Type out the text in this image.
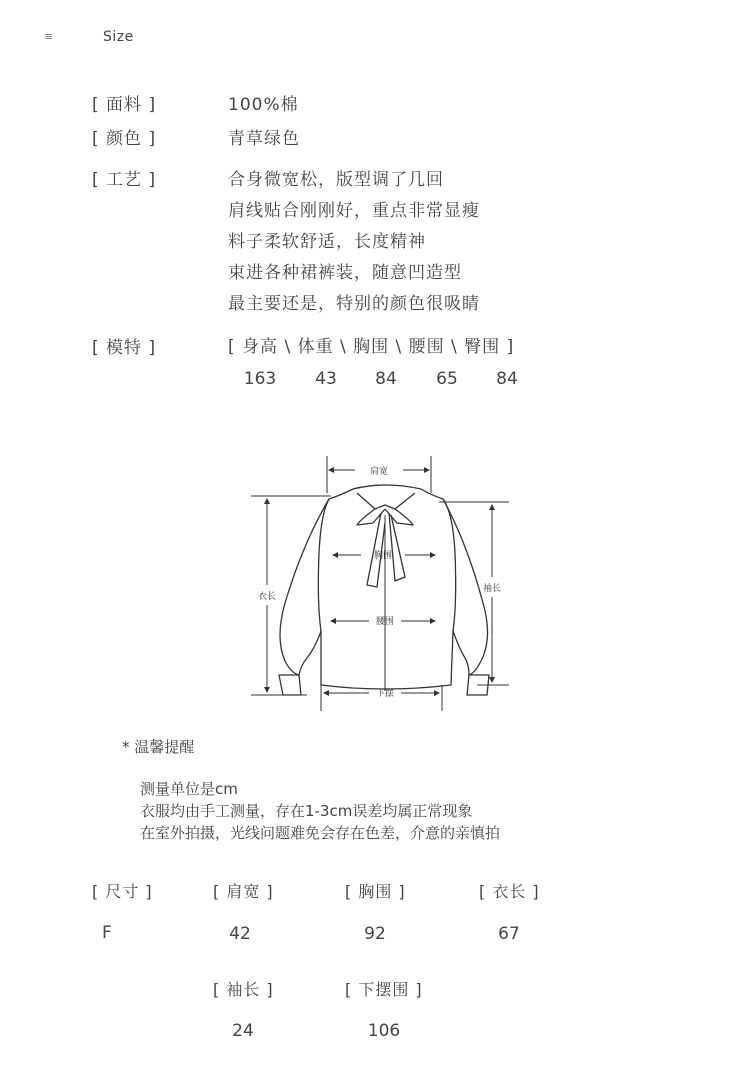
≡	Size
[ 面料 ]	100%棉
[ 颜色 ]	青草绿色
[ 工艺 ]	合身微宽松，版型调了几回
肩线贴合刚刚好，重点非常显瘦
料子柔软舒适，长度精神
束进各种裙裤装，随意凹造型
最主要还是，特别的颜色很吸睛
[ 模特 ]	[ 身高 \ 体重 \ 胸围 \ 腰围 \ 臀围 ]
163	43	84	65	84
肩宽
胸围
腰围
衣长
袖长
下摆
* 温馨提醒
测量单位是cm
衣服均由手工测量，存在1-3cm误差均属正常现象
在室外拍摄，光线问题难免会存在色差，介意的亲慎拍
[ 尺寸 ]	[ 肩宽 ]	[ 胸围 ]	[ 衣长 ]
F	42	92	67
[ 袖长 ]	[ 下摆围 ]
24	106
